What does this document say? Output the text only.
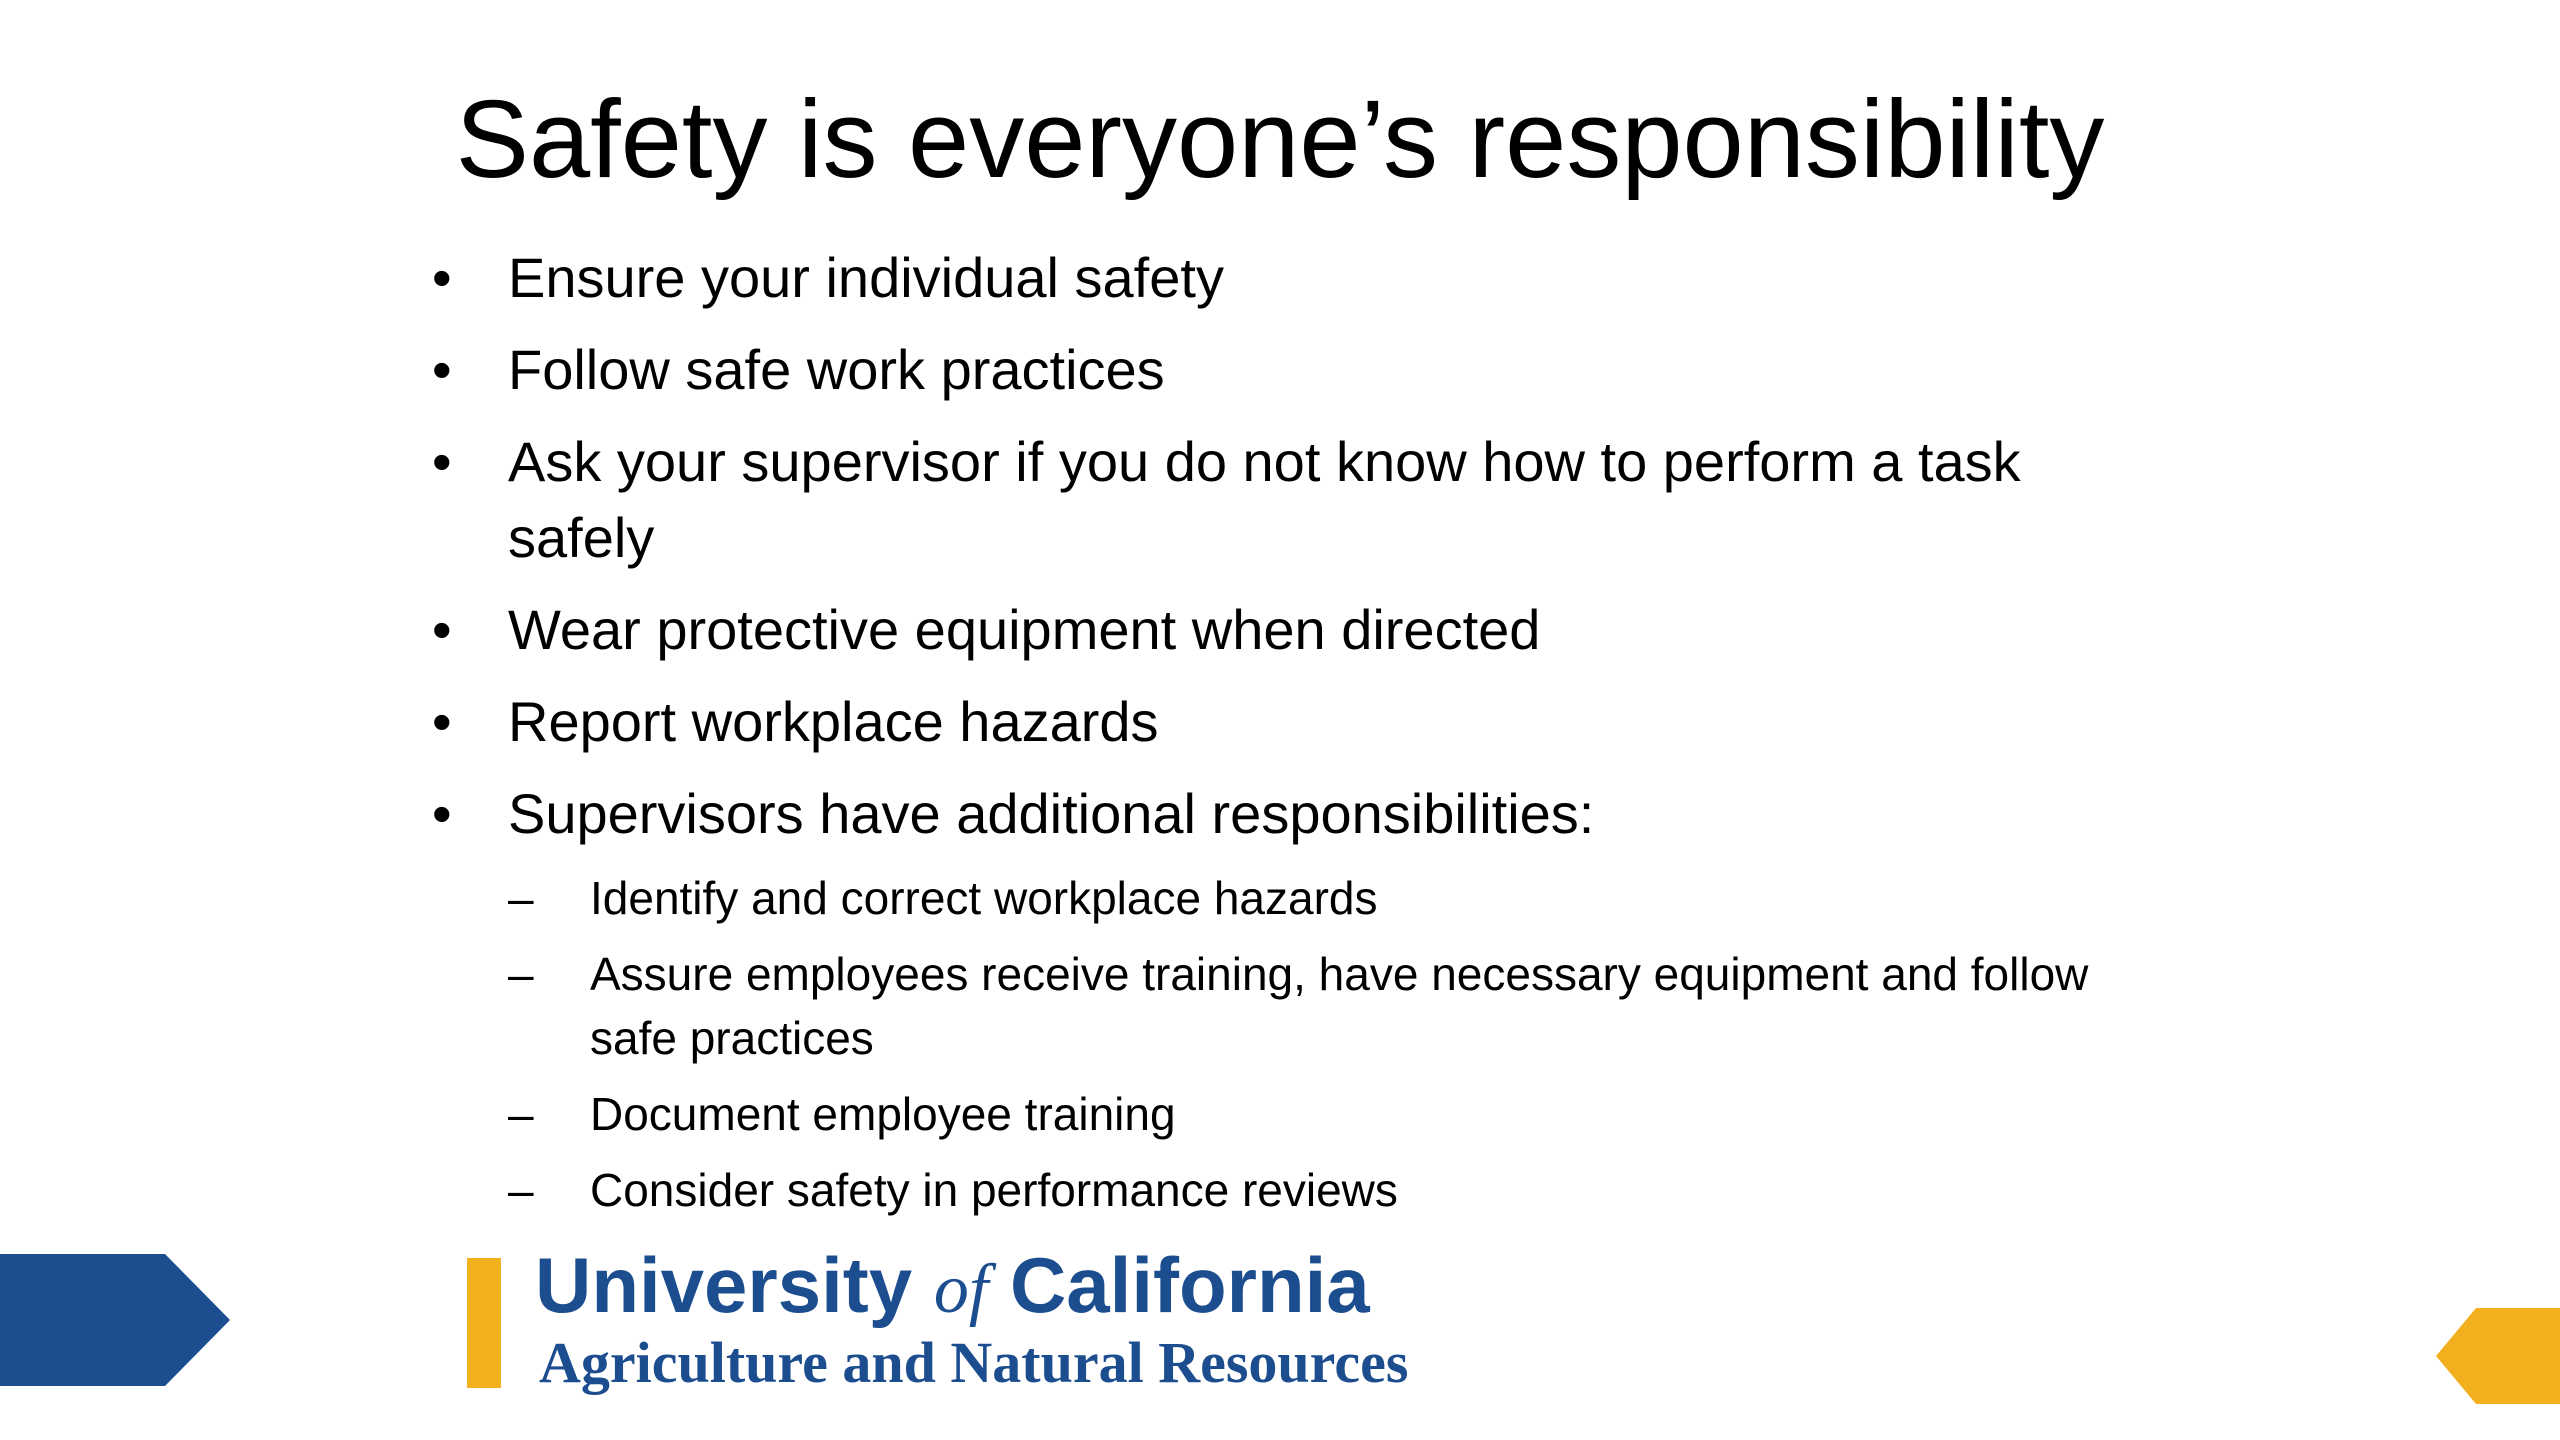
Safety is everyone’s responsibility
•	Ensure your individual safety
•	Follow safe work practices
•	Ask your supervisor if you do not know how to perform a task safely
•	Wear protective equipment when directed
•	Report workplace hazards
•	Supervisors have additional responsibilities:
–	Identify and correct workplace hazards
–	Assure employees receive training, have necessary equipment and follow safe practices
–	Document employee training
–	Consider safety in performance reviews
University of California
Agriculture and Natural Resources
